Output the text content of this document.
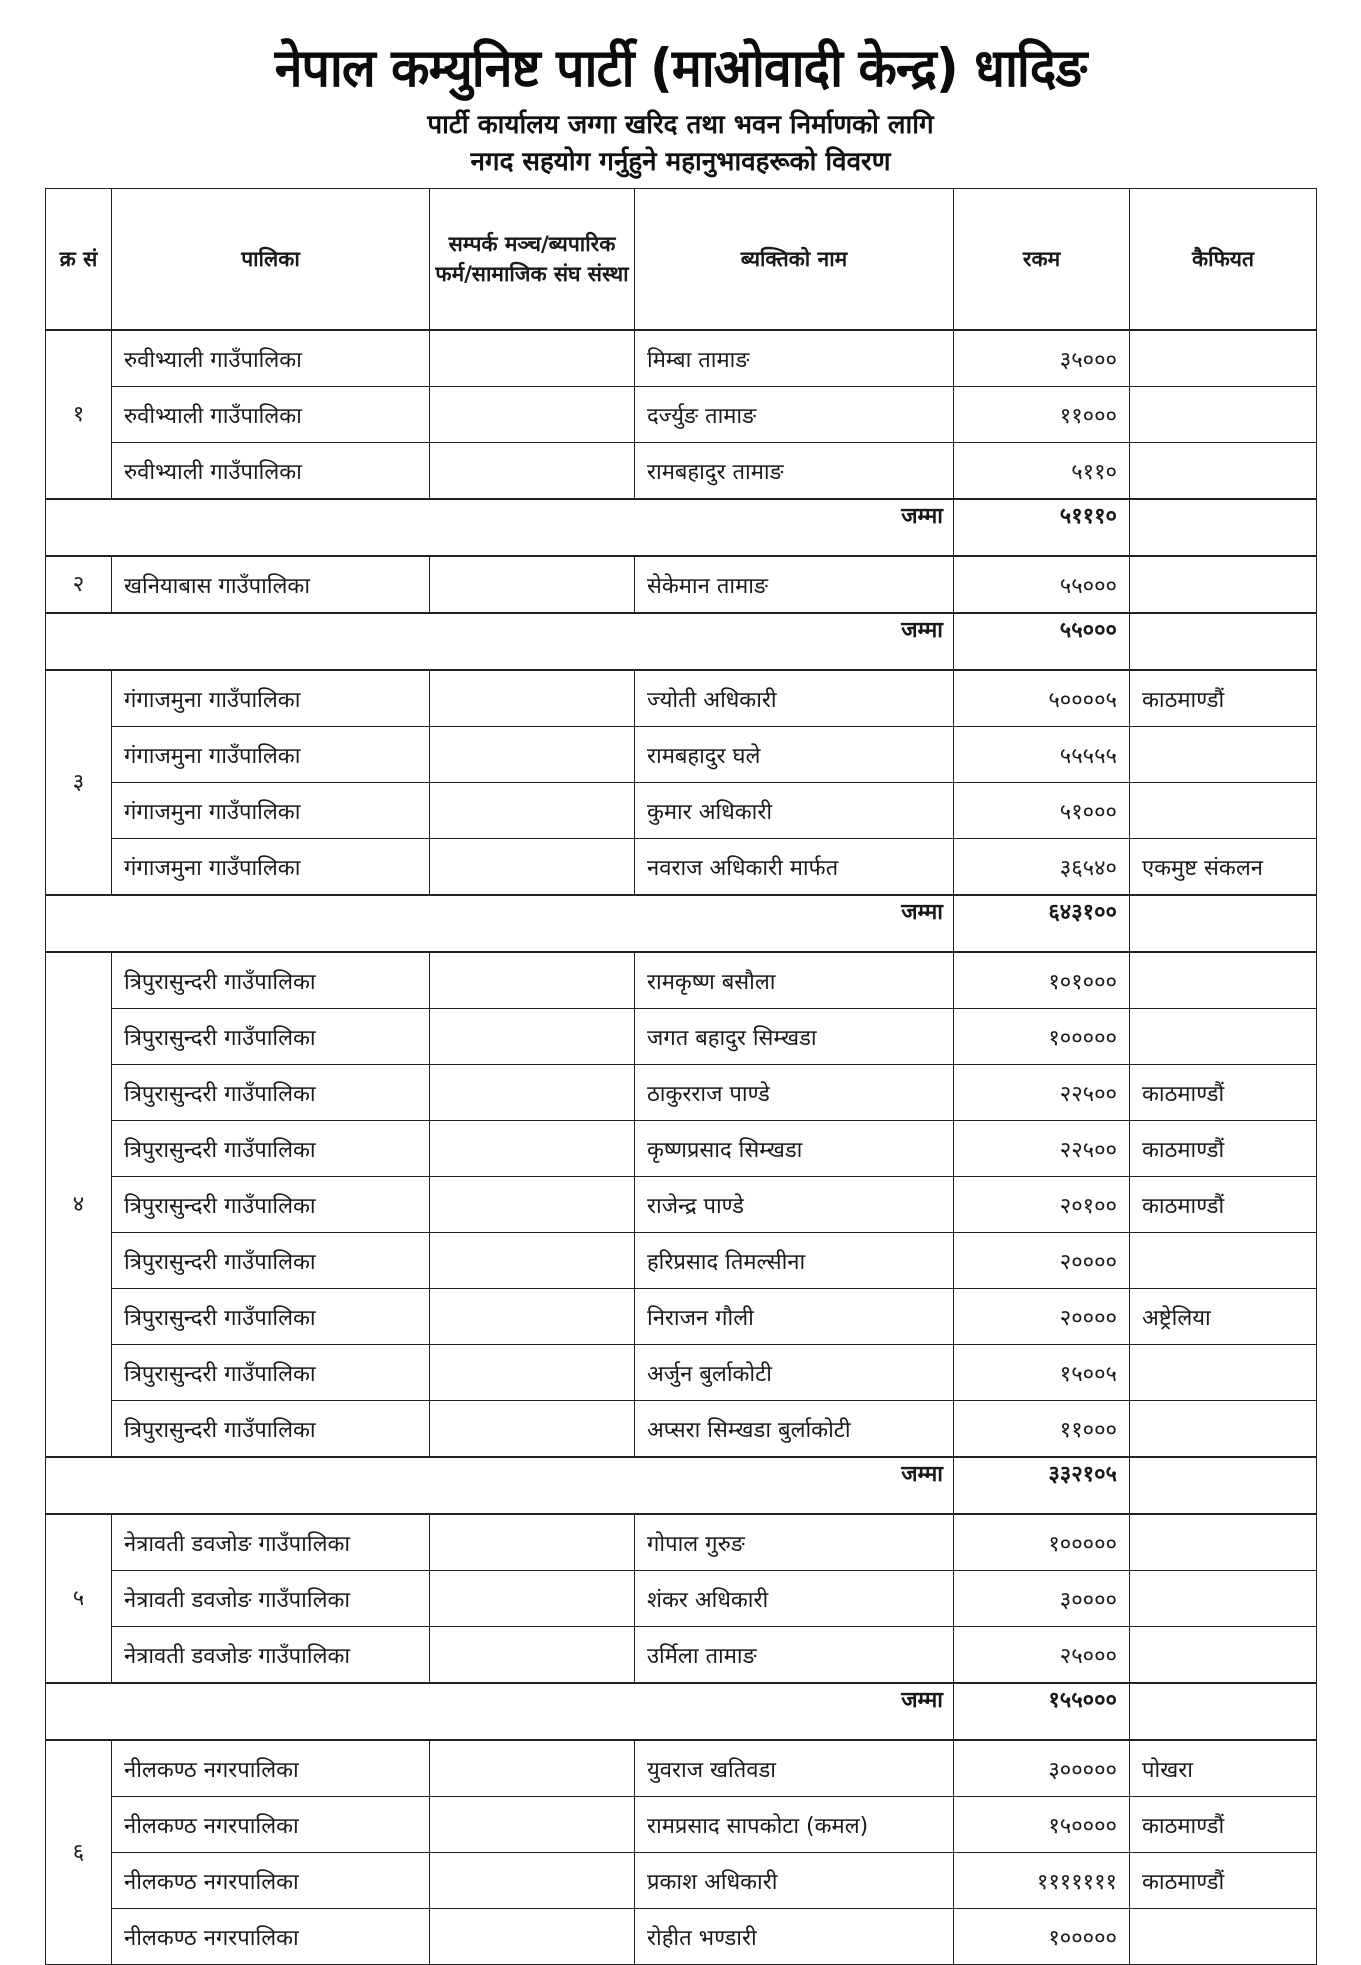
नेपाल कम्युनिष्ट पार्टी (माओवादी केन्द्र) धादिङ
पार्टी कार्यालय जग्गा खरिद तथा भवन निर्माणको लागि
नगद सहयोग गर्नुहुने महानुभावहरूको विवरण
क्र सं	पालिका	सम्पर्क मञ्च/ब्यपारिक फर्म/सामाजिक संघ संस्था	ब्यक्तिको नाम	रकम	कैफियत
१	रुवीभ्याली गाउँपालिका		मिम्बा तामाङ	३५०००	
	रुवीभ्याली गाउँपालिका		दर्ज्युङ तामाङ	११०००	
	रुवीभ्याली गाउँपालिका		रामबहादुर तामाङ	५११०	
जम्मा				५१११०	
२	खनियाबास गाउँपालिका		सेकेमान तामाङ	५५०००	
जम्मा				५५०००	
३	गंगाजमुना गाउँपालिका		ज्योती अधिकारी	५००००५	काठमाण्डौं
	गंगाजमुना गाउँपालिका		रामबहादुर घले	५५५५५	
	गंगाजमुना गाउँपालिका		कुमार अधिकारी	५१०००	
	गंगाजमुना गाउँपालिका		नवराज अधिकारी मार्फत	३६५४०	एकमुष्ट संकलन
जम्मा				६४३१००	
४	त्रिपुरासुन्दरी गाउँपालिका		रामकृष्ण बसौला	१०१०००	
	त्रिपुरासुन्दरी गाउँपालिका		जगत बहादुर सिम्खडा	१०००००	
	त्रिपुरासुन्दरी गाउँपालिका		ठाकुरराज पाण्डे	२२५००	काठमाण्डौं
	त्रिपुरासुन्दरी गाउँपालिका		कृष्णप्रसाद सिम्खडा	२२५००	काठमाण्डौं
	त्रिपुरासुन्दरी गाउँपालिका		राजेन्द्र पाण्डे	२०१००	काठमाण्डौं
	त्रिपुरासुन्दरी गाउँपालिका		हरिप्रसाद तिमल्सीना	२००००	
	त्रिपुरासुन्दरी गाउँपालिका		निराजन गौली	२००००	अष्ट्रेलिया
	त्रिपुरासुन्दरी गाउँपालिका		अर्जुन बुर्लाकोटी	१५००५	
	त्रिपुरासुन्दरी गाउँपालिका		अप्सरा सिम्खडा बुर्लाकोटी	११०००	
जम्मा				३३२१०५	
५	नेत्रावती डवजोङ गाउँपालिका		गोपाल गुरुङ	१०००००	
	नेत्रावती डवजोङ गाउँपालिका		शंकर अधिकारी	३००००	
	नेत्रावती डवजोङ गाउँपालिका		उर्मिला तामाङ	२५०००	
जम्मा				१५५०००	
६	नीलकण्ठ नगरपालिका		युवराज खतिवडा	३०००००	पोखरा
	नीलकण्ठ नगरपालिका		रामप्रसाद सापकोटा (कमल)	१५००००	काठमाण्डौं
	नीलकण्ठ नगरपालिका		प्रकाश अधिकारी	१११११११	काठमाण्डौं
	नीलकण्ठ नगरपालिका		रोहीत भण्डारी	१०००००	
